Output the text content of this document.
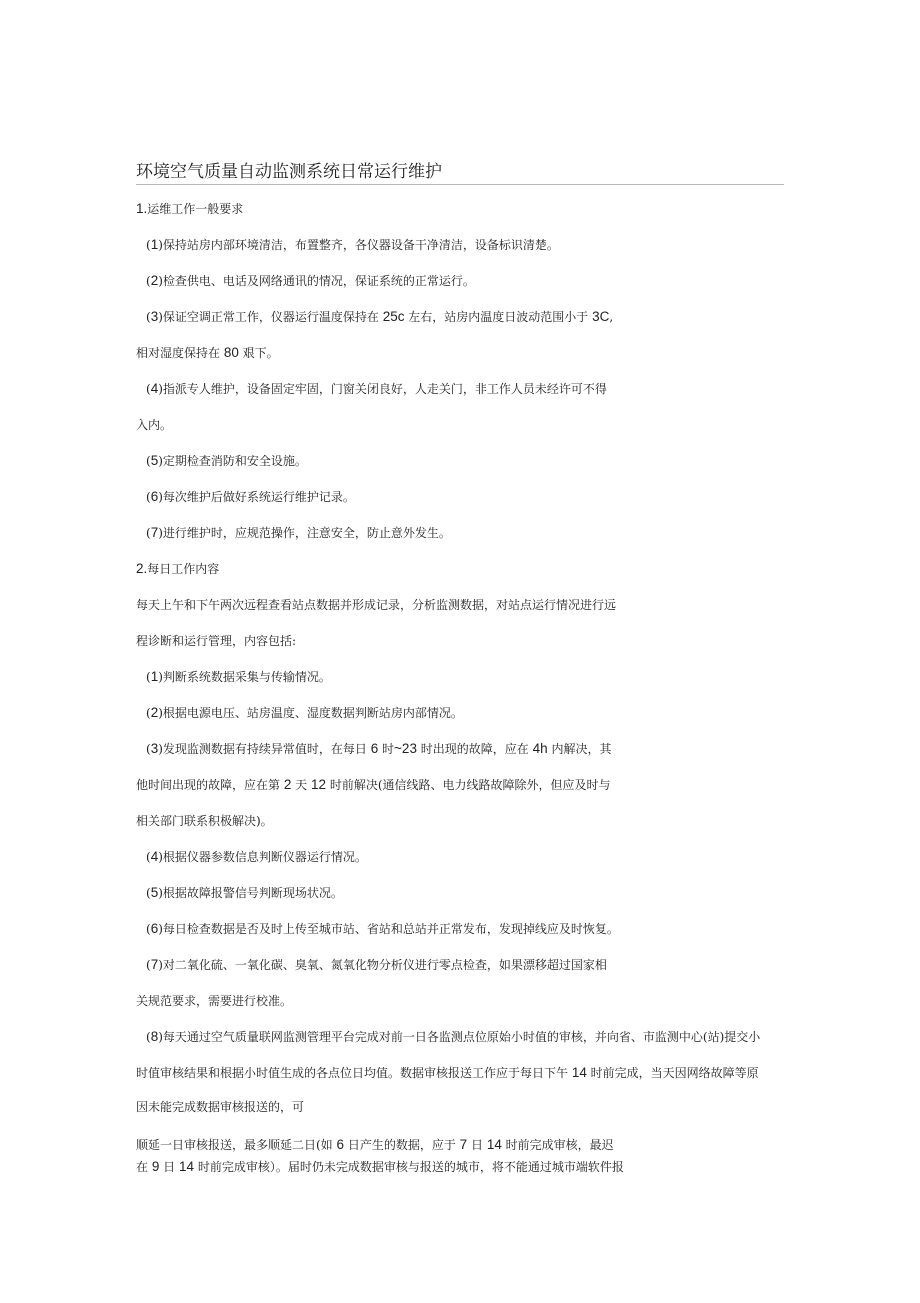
环境空气质量自动监测系统日常运行维护
1.运维工作一般要求
(1)保持站房内部环境清洁，布置整齐，各仪器设备干净清洁，设备标识清楚。
(2)检查供电、电话及网络通讯的情况，保证系统的正常运行。
(3)保证空调正常工作，仪器运行温度保持在 25c 左右，站房内温度日波动范围小于 3C,
相对湿度保持在 80 艰下。
(4)指派专人维护，设备固定牢固，门窗关闭良好，人走关门，非工作人员未经许可不得
入内。
(5)定期检查消防和安全设施。
(6)每次维护后做好系统运行维护记录。
(7)进行维护时，应规范操作，注意安全，防止意外发生。
2.每日工作内容
每天上午和下午两次远程查看站点数据并形成记录，分析监测数据，对站点运行情况进行远
程诊断和运行管理，内容包括:
(1)判断系统数据采集与传输情况。
(2)根据电源电压、站房温度、湿度数据判断站房内部情况。
(3)发现监测数据有持续异常值时，在每日 6 时~23 时出现的故障，应在 4h 内解决，其
他时间出现的故障，应在第 2 天 12 时前解决(通信线路、电力线路故障除外，但应及时与
相关部门联系积极解决)。
(4)根据仪器参数信息判断仪器运行情况。
(5)根据故障报警信号判断现场状况。
(6)每日检查数据是否及时上传至城市站、省站和总站并正常发布，发现掉线应及时恢复。
(7)对二氧化硫、一氧化碳、臭氧、氮氧化物分析仪进行零点检查，如果漂移超过国家相
关规范要求，需要进行校准。
(8)每天通过空气质量联网监测管理平台完成对前一日各监测点位原始小时值的审核，并向省、市监测中心(站)提交小
时值审核结果和根据小时值生成的各点位日均值。数据审核报送工作应于每日下午 14 时前完成，当天因网络故障等原
因未能完成数据审核报送的，可
顺延一日审核报送，最多顺延二日(如 6 日产生的数据，应于 7 日 14 时前完成审核，最迟
在 9 日 14 时前完成审核）。届时仍未完成数据审核与报送的城市，将不能通过城市端软件报
